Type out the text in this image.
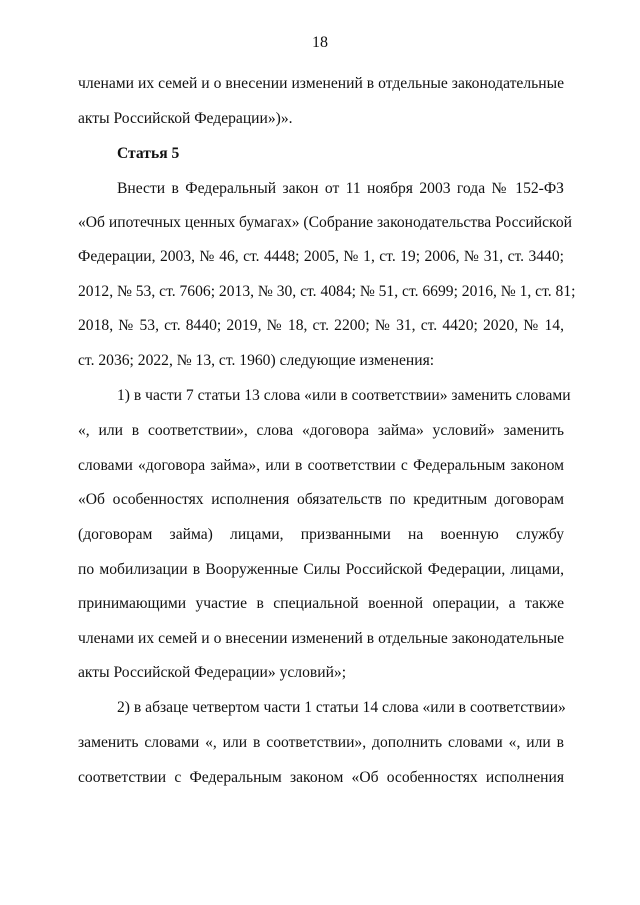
18
членами их семей и о внесении изменений в отдельные законодательные
акты Российской Федерации»)».
Статья 5
Внести в Федеральный закон от 11 ноября 2003 года № 152-ФЗ
«Об ипотечных ценных бумагах» (Собрание законодательства Российской
Федерации, 2003, № 46, ст. 4448; 2005, № 1, ст. 19; 2006, № 31, ст. 3440;
2012, № 53, ст. 7606; 2013, № 30, ст. 4084; № 51, ст. 6699; 2016, № 1, ст. 81;
2018, № 53, ст. 8440; 2019, № 18, ст. 2200; № 31, ст. 4420; 2020, № 14,
ст. 2036; 2022, № 13, ст. 1960) следующие изменения:
1) в части 7 статьи 13 слова «или в соответствии» заменить словами
«, или в соответствии», слова «договора займа» условий» заменить
словами «договора займа», или в соответствии с Федеральным законом
«Об особенностях исполнения обязательств по кредитным договорам
(договорам займа) лицами, призванными на военную службу
по мобилизации в Вооруженные Силы Российской Федерации, лицами,
принимающими участие в специальной военной операции, а также
членами их семей и о внесении изменений в отдельные законодательные
акты Российской Федерации» условий»;
2) в абзаце четвертом части 1 статьи 14 слова «или в соответствии»
заменить словами «, или в соответствии», дополнить словами «, или в
соответствии с Федеральным законом «Об особенностях исполнения
